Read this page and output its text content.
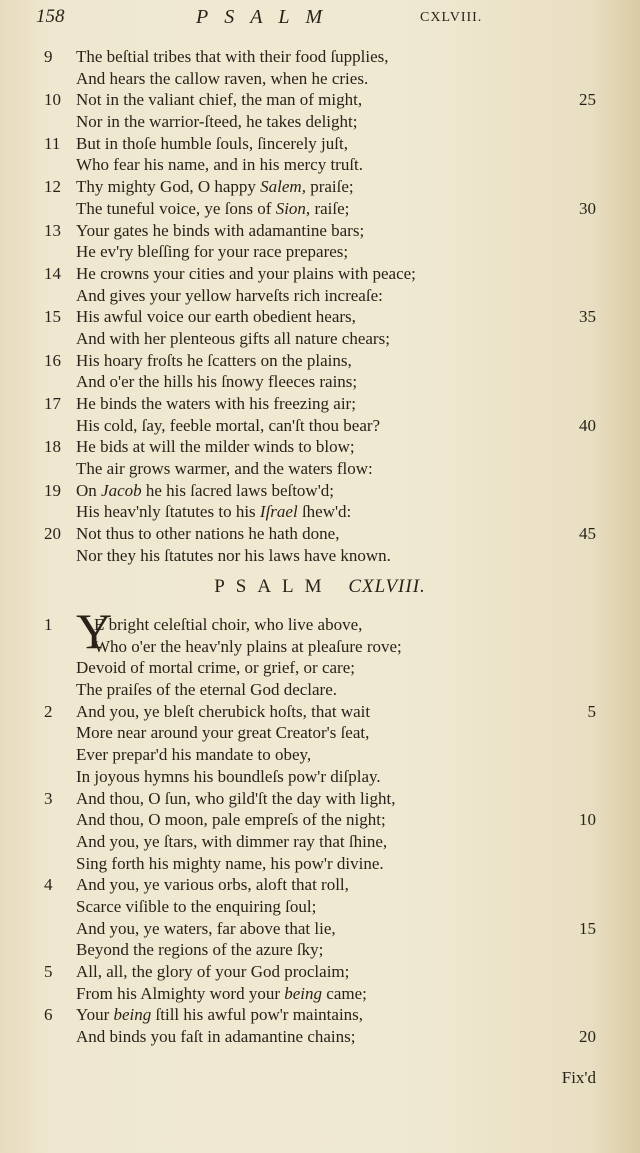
158	PSALM	CXLVIII.
9	The beſtial tribes that with their food ſupplies,
And hears the callow raven, when he cries.
10 Not in the valiant chief, the man of might,	25
Nor in the warrior-ſteed, he takes delight;
11 But in thoſe humble ſouls, ſincerely juſt,
Who fear his name, and in his mercy truſt.
12 Thy mighty God, O happy Salem, praiſe;
The tuneful voice, ye ſons of Sion, raiſe;	30
13 Your gates he binds with adamantine bars;
He ev'ry bleſſing for your race prepares;
14 He crowns your cities and your plains with peace;
And gives your yellow harveſts rich increaſe:
15 His awful voice our earth obedient hears,	35
And with her plenteous gifts all nature chears;
16 His hoary froſts he ſcatters on the plains,
And o'er the hills his ſnowy fleeces rains;
17 He binds the waters with his freezing air;
His cold, ſay, feeble mortal, can'ſt thou bear?	40
18 He bids at will the milder winds to blow;
The air grows warmer, and the waters flow:
19 On Jacob he his ſacred laws beſtow'd;
His heav'nly ſtatutes to his Iſrael ſhew'd:
20 Not thus to other nations he hath done,	45
Nor they his ſtatutes nor his laws have known.
PSALM CXLVIII.
Y
1	E bright celeſtial choir, who live above,
Who o'er the heav'nly plains at pleaſure rove;
Devoid of mortal crime, or grief, or care;
The praiſes of the eternal God declare.
2	And you, ye bleſt cherubick hoſts, that wait	5
More near around your great Creator's ſeat,
Ever prepar'd his mandate to obey,
In joyous hymns his boundleſs pow'r diſplay.
3	And thou, O ſun, who gild'ſt the day with light,
And thou, O moon, pale empreſs of the night;	10
And you, ye ſtars, with dimmer ray that ſhine,
Sing forth his mighty name, his pow'r divine.
4	And you, ye various orbs, aloft that roll,
Scarce viſible to the enquiring ſoul;
And you, ye waters, far above that lie,	15
Beyond the regions of the azure ſky;
5	All, all, the glory of your God proclaim;
From his Almighty word your being came;
6	Your being ſtill his awful pow'r maintains,
And binds you faſt in adamantine chains;	20
Fix'd
